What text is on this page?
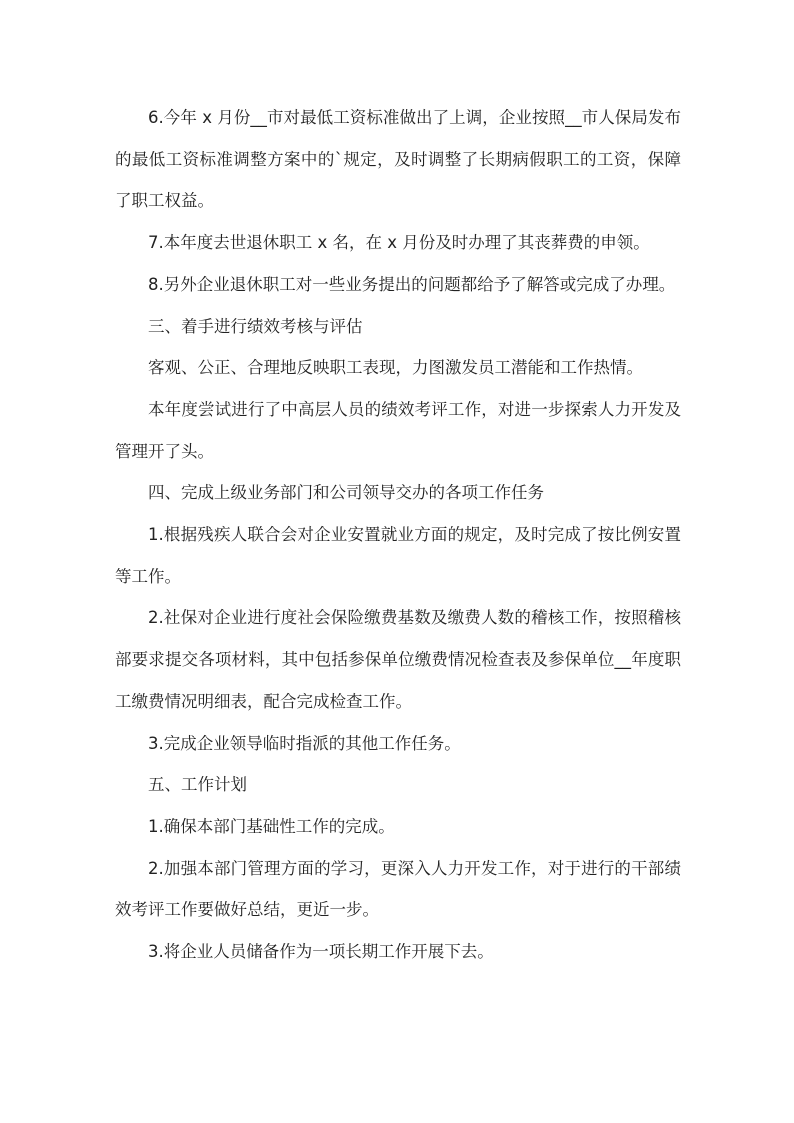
6.今年 x 月份__市对最低工资标准做出了上调，企业按照__市人保局发布的最低工资标准调整方案中的`规定，及时调整了长期病假职工的工资，保障了职工权益。

7.本年度去世退休职工 x 名，在 x 月份及时办理了其丧葬费的申领。

8.另外企业退休职工对一些业务提出的问题都给予了解答或完成了办理。

三、着手进行绩效考核与评估

客观、公正、合理地反映职工表现，力图激发员工潜能和工作热情。

本年度尝试进行了中高层人员的绩效考评工作，对进一步探索人力开发及管理开了头。

四、完成上级业务部门和公司领导交办的各项工作任务

1.根据残疾人联合会对企业安置就业方面的规定，及时完成了按比例安置等工作。

2.社保对企业进行度社会保险缴费基数及缴费人数的稽核工作，按照稽核部要求提交各项材料，其中包括参保单位缴费情况检查表及参保单位__年度职工缴费情况明细表，配合完成检查工作。

3.完成企业领导临时指派的其他工作任务。

五、工作计划

1.确保本部门基础性工作的完成。

2.加强本部门管理方面的学习，更深入人力开发工作，对于进行的干部绩效考评工作要做好总结，更近一步。

3.将企业人员储备作为一项长期工作开展下去。
